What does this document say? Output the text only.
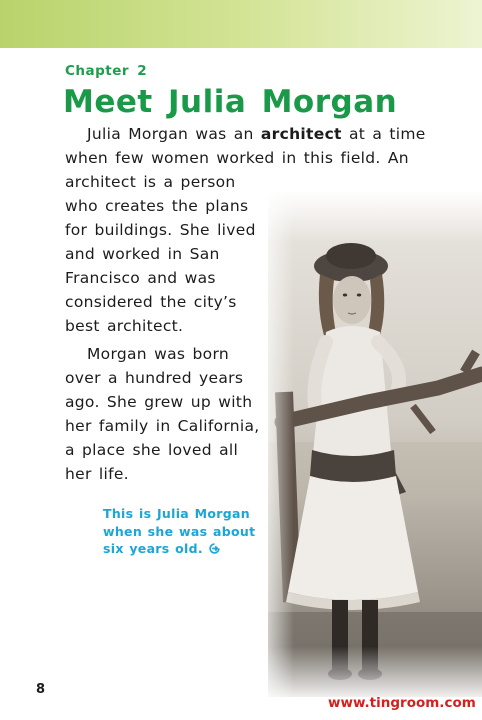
Chapter 2
Meet Julia Morgan
Julia Morgan was an architect at a time
when few women worked in this field. An
architect is a person
who creates the plans
for buildings. She lived
and worked in San
Francisco and was
considered the city’s
best architect.
Morgan was born
over a hundred years
ago. She grew up with
her family in California,
a place she loved all
her life.
This is Julia Morgan
when she was about
six years old.
8
www.tingroom.com
